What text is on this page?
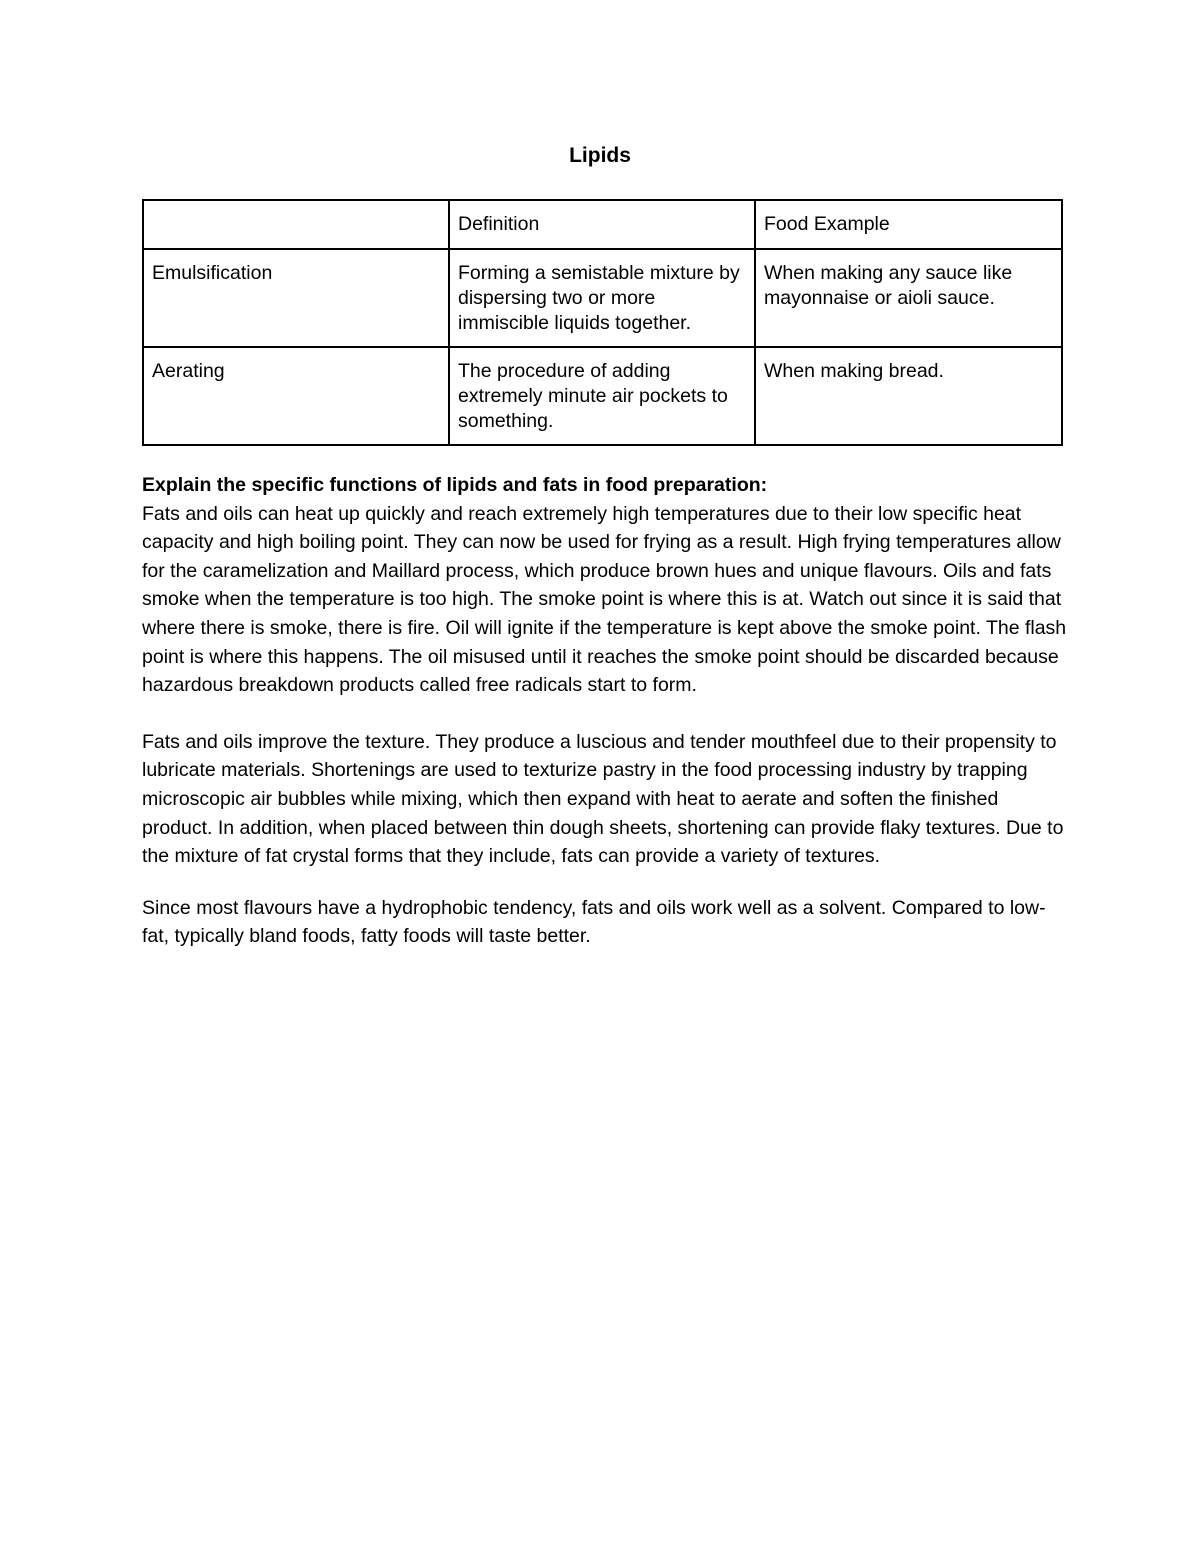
Lipids
	Definition	Food Example
Emulsification	Forming a semistable mixture by dispersing two or more immiscible liquids together.	When making any sauce like mayonnaise or aioli sauce.
Aerating	The procedure of adding extremely minute air pockets to something.	When making bread.
Explain the specific functions of lipids and fats in food preparation:

Fats and oils can heat up quickly and reach extremely high temperatures due to their low specific heat capacity and high boiling point. They can now be used for frying as a result. High frying temperatures allow for the caramelization and Maillard process, which produce brown hues and unique flavours. Oils and fats smoke when the temperature is too high. The smoke point is where this is at. Watch out since it is said that where there is smoke, there is fire. Oil will ignite if the temperature is kept above the smoke point. The flash point is where this happens. The oil misused until it reaches the smoke point should be discarded because hazardous breakdown products called free radicals start to form.

Fats and oils improve the texture. They produce a luscious and tender mouthfeel due to their propensity to lubricate materials. Shortenings are used to texturize pastry in the food processing industry by trapping microscopic air bubbles while mixing, which then expand with heat to aerate and soften the finished product. In addition, when placed between thin dough sheets, shortening can provide flaky textures. Due to the mixture of fat crystal forms that they include, fats can provide a variety of textures.

Since most flavours have a hydrophobic tendency, fats and oils work well as a solvent. Compared to low-fat, typically bland foods, fatty foods will taste better.
